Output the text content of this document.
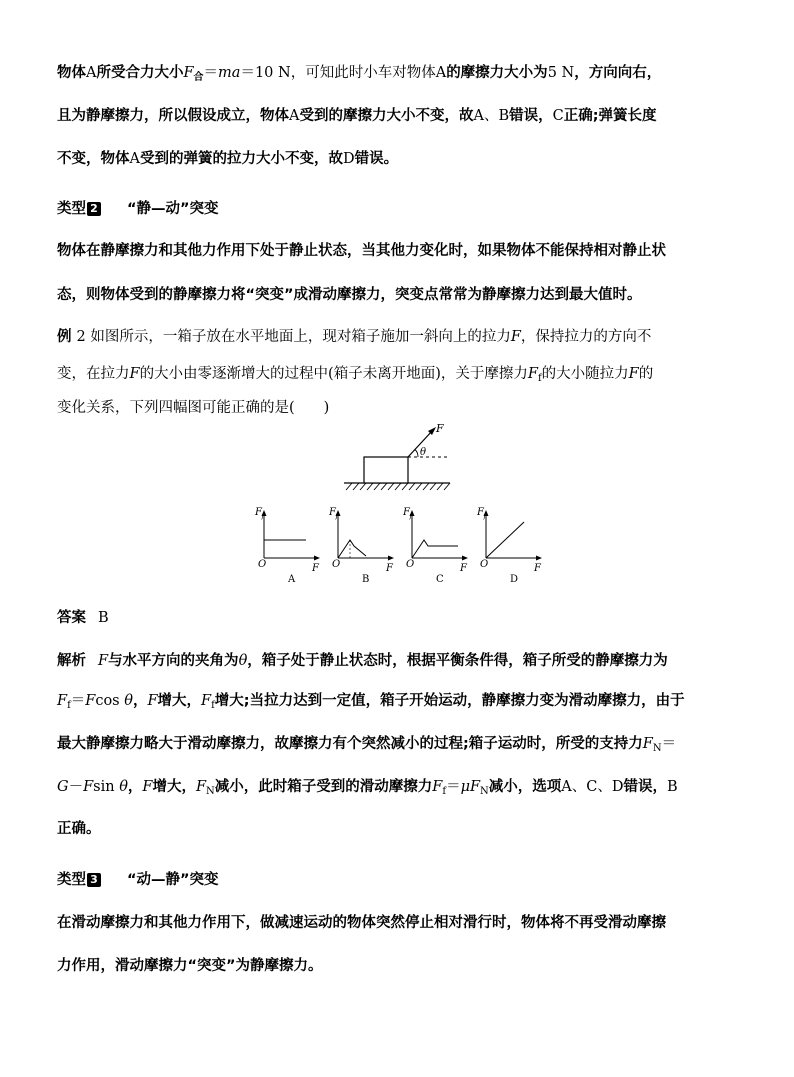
物体A所受合力大小$F_合=ma=10$ N，可知此时小车对物体A的摩擦力大小为5 N，方向向右，
且为静摩擦力，所以假设成立，物体A受到的摩擦力大小不变，故A、B错误，C正确;弹簧长度
不变，物体A受到的弹簧的拉力大小不变，故D错误。
类型 2 “静—动”突变
物体在静摩擦力和其他力作用下处于静止状态，当其他力变化时，如果物体不能保持相对静止状
态，则物体受到的静摩擦力将“突变”成滑动摩擦力，突变点常常为静摩擦力达到最大值时。
例 2 如图所示，一箱子放在水平地面上，现对箱子施加一斜向上的拉力F，保持拉力的方向不
变，在拉力F的大小由零逐渐增大的过程中(箱子未离开地面)，关于摩擦力$F_f$的大小随拉力F的
变化关系，下列四幅图可能正确的是(　　)
F
θ
F f
O	F
A
F f
O	F
B
F f
O	F
C
F f
O	F
D
答案 B
解析 F与水平方向的夹角为θ，箱子处于静止状态时，根据平衡条件得，箱子所受的静摩擦力为
$F_f=Fcos$ θ，F增大，$F_f$增大;当拉力达到一定值，箱子开始运动，静摩擦力变为滑动摩擦力，由于
最大静摩擦力略大于滑动摩擦力，故摩擦力有个突然减小的过程;箱子运动时，所受的支持力$F_N=$
G－Fsin θ，F增大，$F_N$减小，此时箱子受到的滑动摩擦力$F_f=\mu F_N$减小，选项A、C、D错误，B
正确。
类型 3 “动—静”突变
在滑动摩擦力和其他力作用下，做减速运动的物体突然停止相对滑行时，物体将不再受滑动摩擦
力作用，滑动摩擦力“突变”为静摩擦力。
